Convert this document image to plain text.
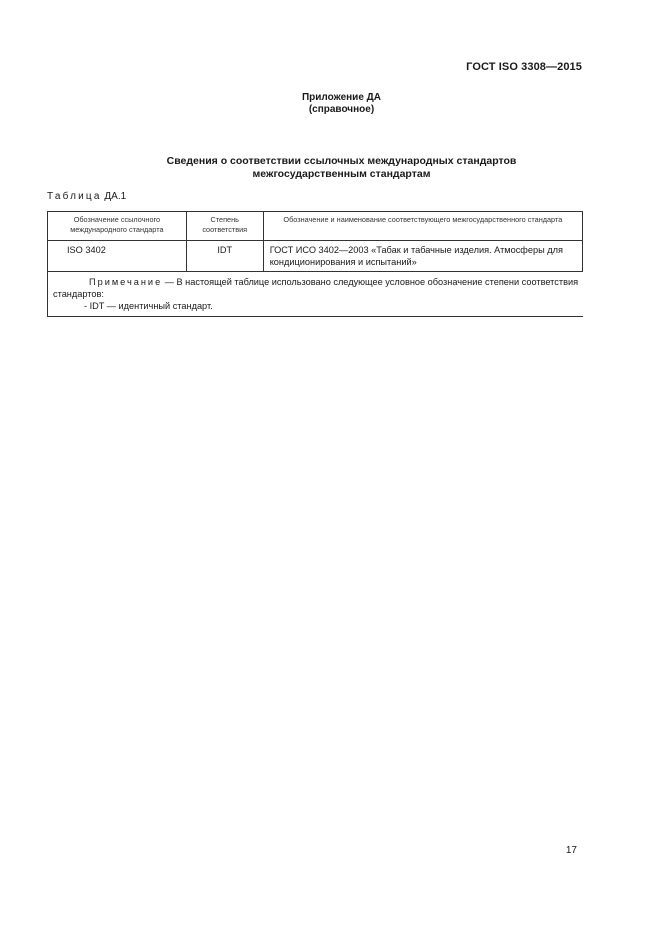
ГОСТ ISO 3308—2015
Приложение ДА
(справочное)
Сведения о соответствии ссылочных международных стандартов
межгосударственным стандартам
Таблица ДА.1
Обозначение ссылочного международного стандарта	Степень соответствия	Обозначение и наименование соответствующего межгосударственного стандарта
ISO 3402	IDT	ГОСТ ИСО 3402—2003 «Табак и табачные изделия. Атмосферы для кондиционирования и испытаний»

Примечание — В настоящей таблице использовано следующее условное обозначение степени соответствия стандартов:
- IDT — идентичный стандарт.		
17
